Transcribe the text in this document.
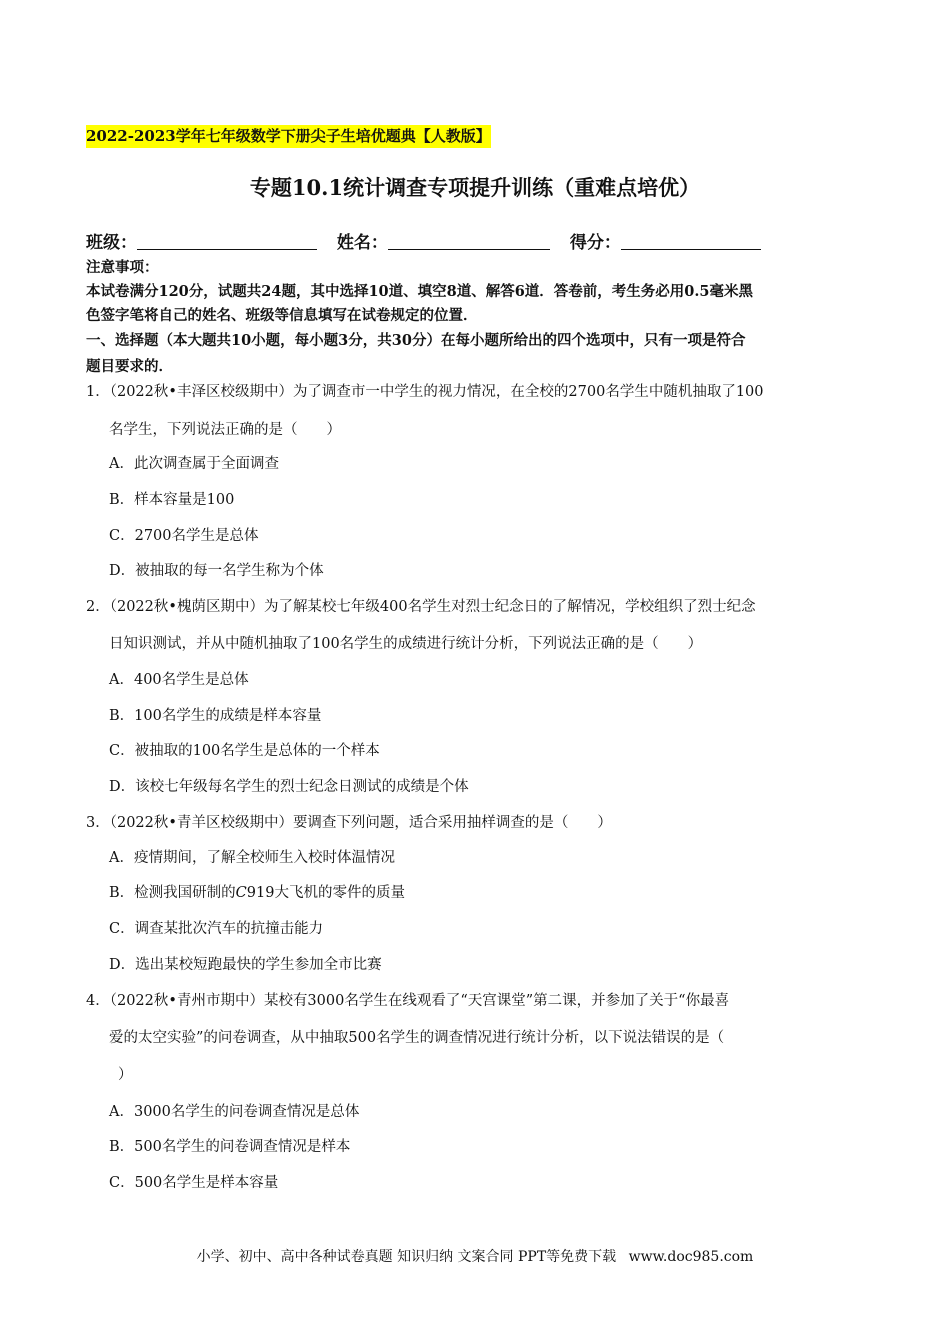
2022-2023学年七年级数学下册尖子生培优题典【人教版】
专题10.1统计调查专项提升训练（重难点培优）
班级：	姓名：	得分：
注意事项：
本试卷满分120分，试题共24题，其中选择10道、填空8道、解答6道．答卷前，考生务必用0.5毫米黑
色签字笔将自己的姓名、班级等信息填写在试卷规定的位置．
一、选择题（本大题共10小题，每小题3分，共30分）在每小题所给出的四个选项中，只有一项是符合
题目要求的．
1．（2022秋•丰泽区校级期中）为了调查市一中学生的视力情况，在全校的2700名学生中随机抽取了100
名学生，下列说法正确的是（　　）
A．此次调查属于全面调查
B．样本容量是100
C．2700名学生是总体
D．被抽取的每一名学生称为个体
2．（2022秋•槐荫区期中）为了解某校七年级400名学生对烈士纪念日的了解情况，学校组织了烈士纪念
日知识测试，并从中随机抽取了100名学生的成绩进行统计分析，下列说法正确的是（　　）
A．400名学生是总体
B．100名学生的成绩是样本容量
C．被抽取的100名学生是总体的一个样本
D．该校七年级每名学生的烈士纪念日测试的成绩是个体
3．（2022秋•青羊区校级期中）要调查下列问题，适合采用抽样调查的是（　　）
A．疫情期间，了解全校师生入校时体温情况
B．检测我国研制的C919大飞机的零件的质量
C．调查某批次汽车的抗撞击能力
D．选出某校短跑最快的学生参加全市比赛
4．（2022秋•青州市期中）某校有3000名学生在线观看了“天宫课堂”第二课，并参加了关于“你最喜
爱的太空实验”的问卷调查，从中抽取500名学生的调查情况进行统计分析，以下说法错误的是（
）
A．3000名学生的问卷调查情况是总体
B．500名学生的问卷调查情况是样本
C．500名学生是样本容量
小学、初中、高中各种试卷真题 知识归纳 文案合同 PPT等免费下载 www.doc985.com
